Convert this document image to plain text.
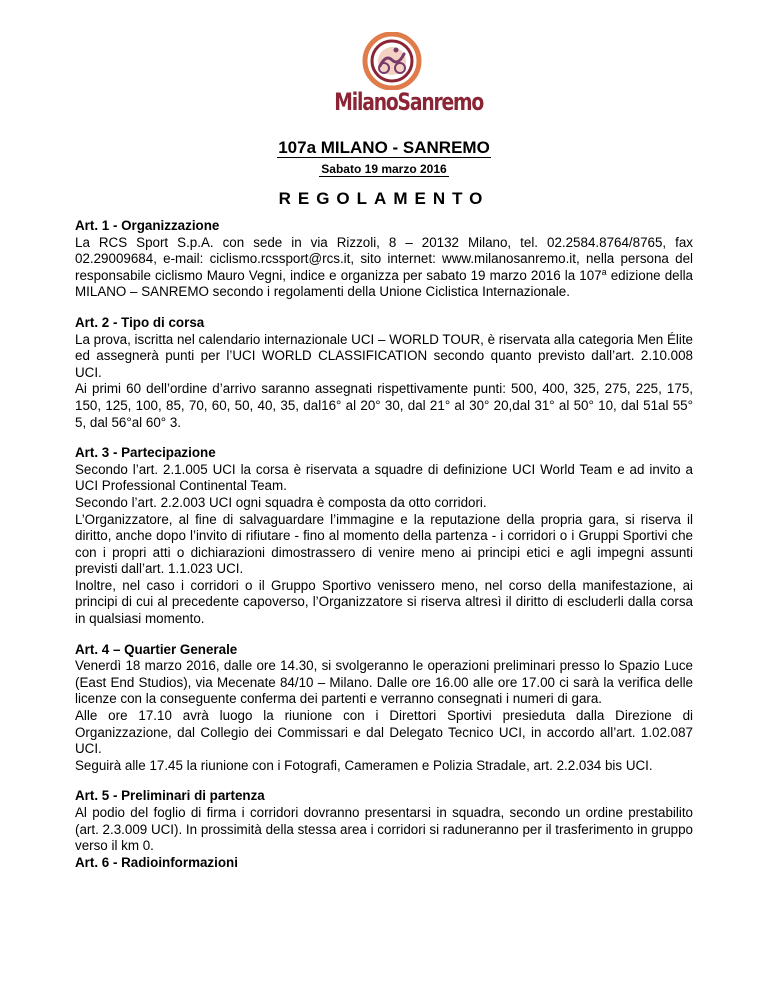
MilanoSanremo
107a MILANO - SANREMO
Sabato 19 marzo 2016
REGOLAMENTO
Art. 1 - Organizzazione

La RCS Sport S.p.A. con sede in via Rizzoli, 8 – 20132 Milano, tel. 02.2584.8764/8765, fax 02.29009684, e-mail: ciclismo.rcssport@rcs.it, sito internet: www.milanosanremo.it, nella persona del responsabile ciclismo Mauro Vegni, indice e organizza per sabato 19 marzo 2016 la 107$^a$ edizione della MILANO – SANREMO secondo i regolamenti della Unione Ciclistica Internazionale.

Art. 2 - Tipo di corsa

La prova, iscritta nel calendario internazionale UCI – WORLD TOUR, è riservata alla categoria Men Élite ed assegnerà punti per l’UCI WORLD CLASSIFICATION secondo quanto previsto dall’art. 2.10.008 UCI.

Ai primi 60 dell’ordine d’arrivo saranno assegnati rispettivamente punti: 500, 400, 325, 275, 225, 175, 150, 125, 100, 85, 70, 60, 50, 40, 35, dal16° al 20° 30, dal 21° al 30° 20,dal 31° al 50° 10, dal 51al 55° 5, dal 56°al 60° 3.

Art. 3 - Partecipazione

Secondo l’art. 2.1.005 UCI la corsa è riservata a squadre di definizione UCI World Team e ad invito a UCI Professional Continental Team.

Secondo l’art. 2.2.003 UCI ogni squadra è composta da otto corridori.

L’Organizzatore, al fine di salvaguardare l’immagine e la reputazione della propria gara, si riserva il diritto, anche dopo l’invito di rifiutare - fino al momento della partenza - i corridori o i Gruppi Sportivi che con i propri atti o dichiarazioni dimostrassero di venire meno ai principi etici e agli impegni assunti previsti dall’art. 1.1.023 UCI.

Inoltre, nel caso i corridori o il Gruppo Sportivo venissero meno, nel corso della manifestazione, ai principi di cui al precedente capoverso, l’Organizzatore si riserva altresì il diritto di escluderli dalla corsa in qualsiasi momento.

Art. 4 – Quartier Generale

Venerdì 18 marzo 2016, dalle ore 14.30, si svolgeranno le operazioni preliminari presso lo Spazio Luce (East End Studios), via Mecenate 84/10 – Milano. Dalle ore 16.00 alle ore 17.00 ci sarà la verifica delle licenze con la conseguente conferma dei partenti e verranno consegnati i numeri di gara.

Alle ore 17.10 avrà luogo la riunione con i Direttori Sportivi presieduta dalla Direzione di Organizzazione, dal Collegio dei Commissari e dal Delegato Tecnico UCI, in accordo all’art. 1.02.087 UCI.

Seguirà alle 17.45 la riunione con i Fotografi, Cameramen e Polizia Stradale, art. 2.2.034 bis UCI.

Art. 5 - Preliminari di partenza

Al podio del foglio di firma i corridori dovranno presentarsi in squadra, secondo un ordine prestabilito (art. 2.3.009 UCI). In prossimità della stessa area i corridori si raduneranno per il trasferimento in gruppo verso il km 0.

Art. 6 - Radioinformazioni
